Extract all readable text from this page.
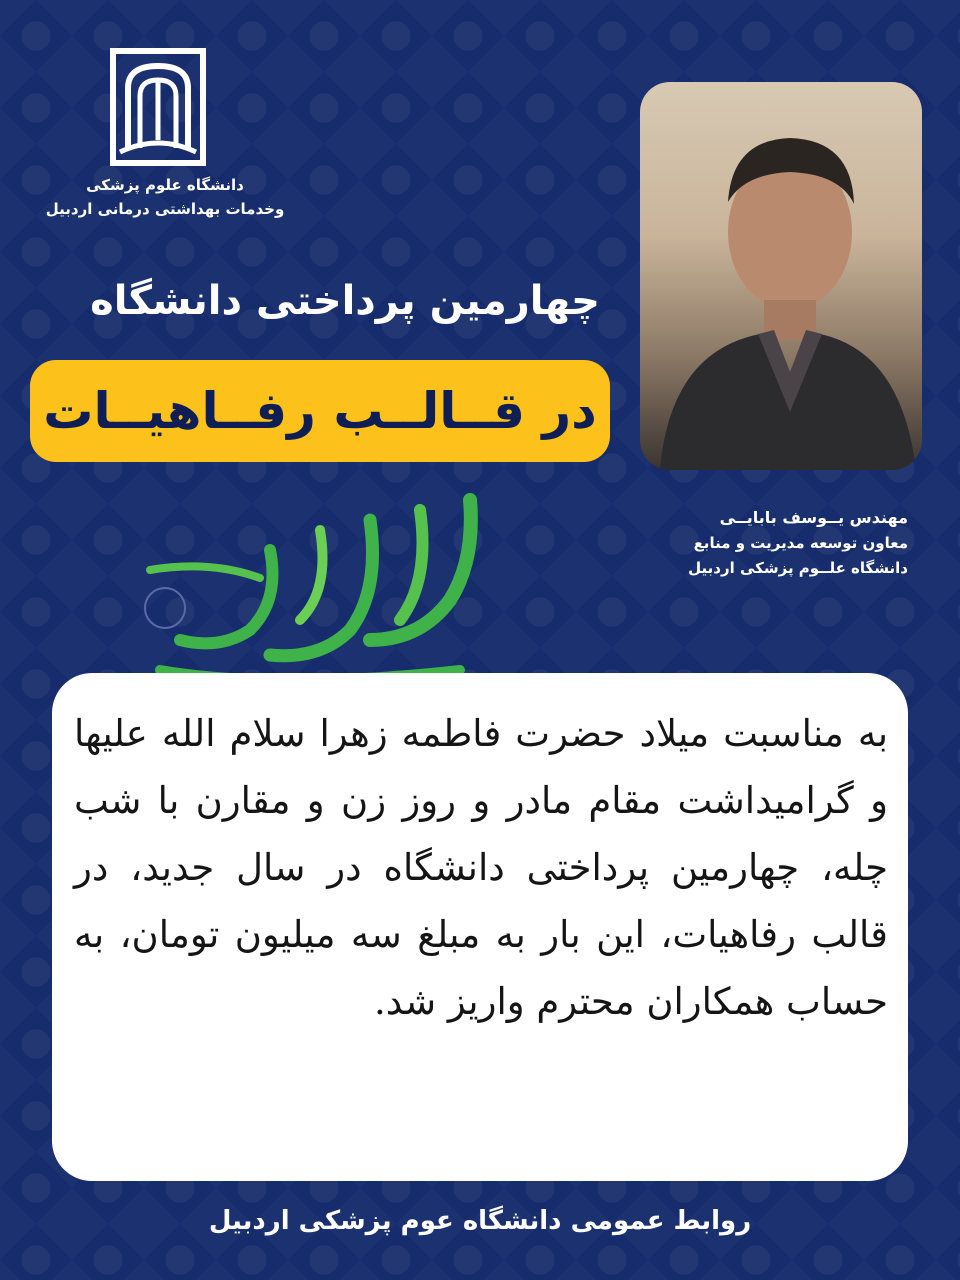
دانشگاه علوم پزشکی
وخدمات بهداشتی درمانی اردبیل
چهارمین پرداختی دانشگاه
در قــالــب رفــاهیــات
مهندس یــوسف بابایــی
معاون توسعه مدیریت و منابع
دانشگاه علــوم پزشکی اردبیل
به مناسبت میلاد حضرت فاطمه زهرا سلام الله علیها و گرامیداشت مقام مادر و روز زن و مقارن با شب چله، چهارمین پرداختی دانشگاه در سال جدید، در قالب رفاهیات، این بار به مبلغ سه میلیون تومان، به حساب همکاران محترم واریز شد.
روابط عمومی دانشگاه عوم پزشکی اردبیل
